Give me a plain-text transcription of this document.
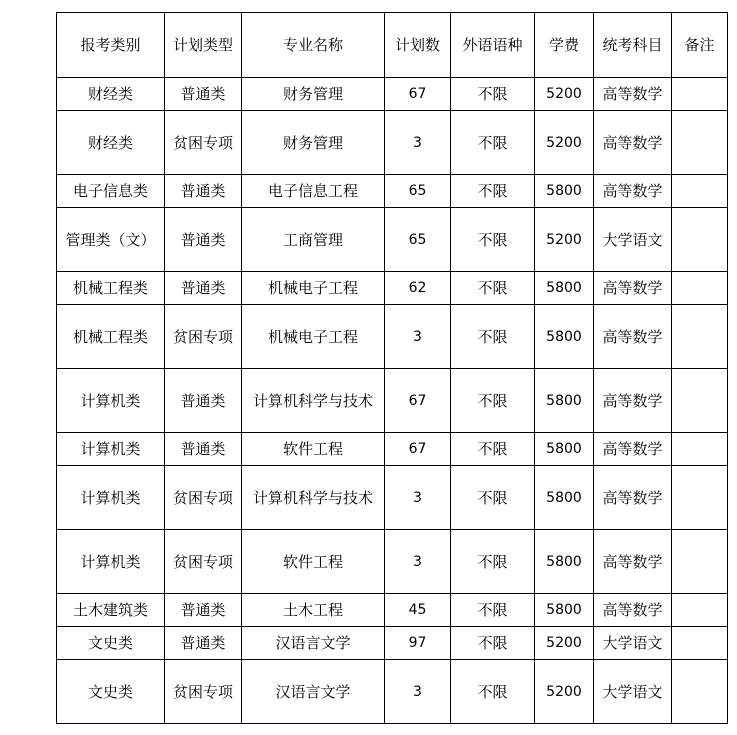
报考类别	计划类型	专业名称	计划数	外语语种	学费	统考科目	备注
财经类	普通类	财务管理	67	不限	5200	高等数学	
财经类	贫困专项	财务管理	3	不限	5200	高等数学	
电子信息类	普通类	电子信息工程	65	不限	5800	高等数学	
管理类（文）	普通类	工商管理	65	不限	5200	大学语文	
机械工程类	普通类	机械电子工程	62	不限	5800	高等数学	
机械工程类	贫困专项	机械电子工程	3	不限	5800	高等数学	
计算机类	普通类	计算机科学与技术	67	不限	5800	高等数学	
计算机类	普通类	软件工程	67	不限	5800	高等数学	
计算机类	贫困专项	计算机科学与技术	3	不限	5800	高等数学	
计算机类	贫困专项	软件工程	3	不限	5800	高等数学	
土木建筑类	普通类	土木工程	45	不限	5800	高等数学	
文史类	普通类	汉语言文学	97	不限	5200	大学语文	
文史类	贫困专项	汉语言文学	3	不限	5200	大学语文	
